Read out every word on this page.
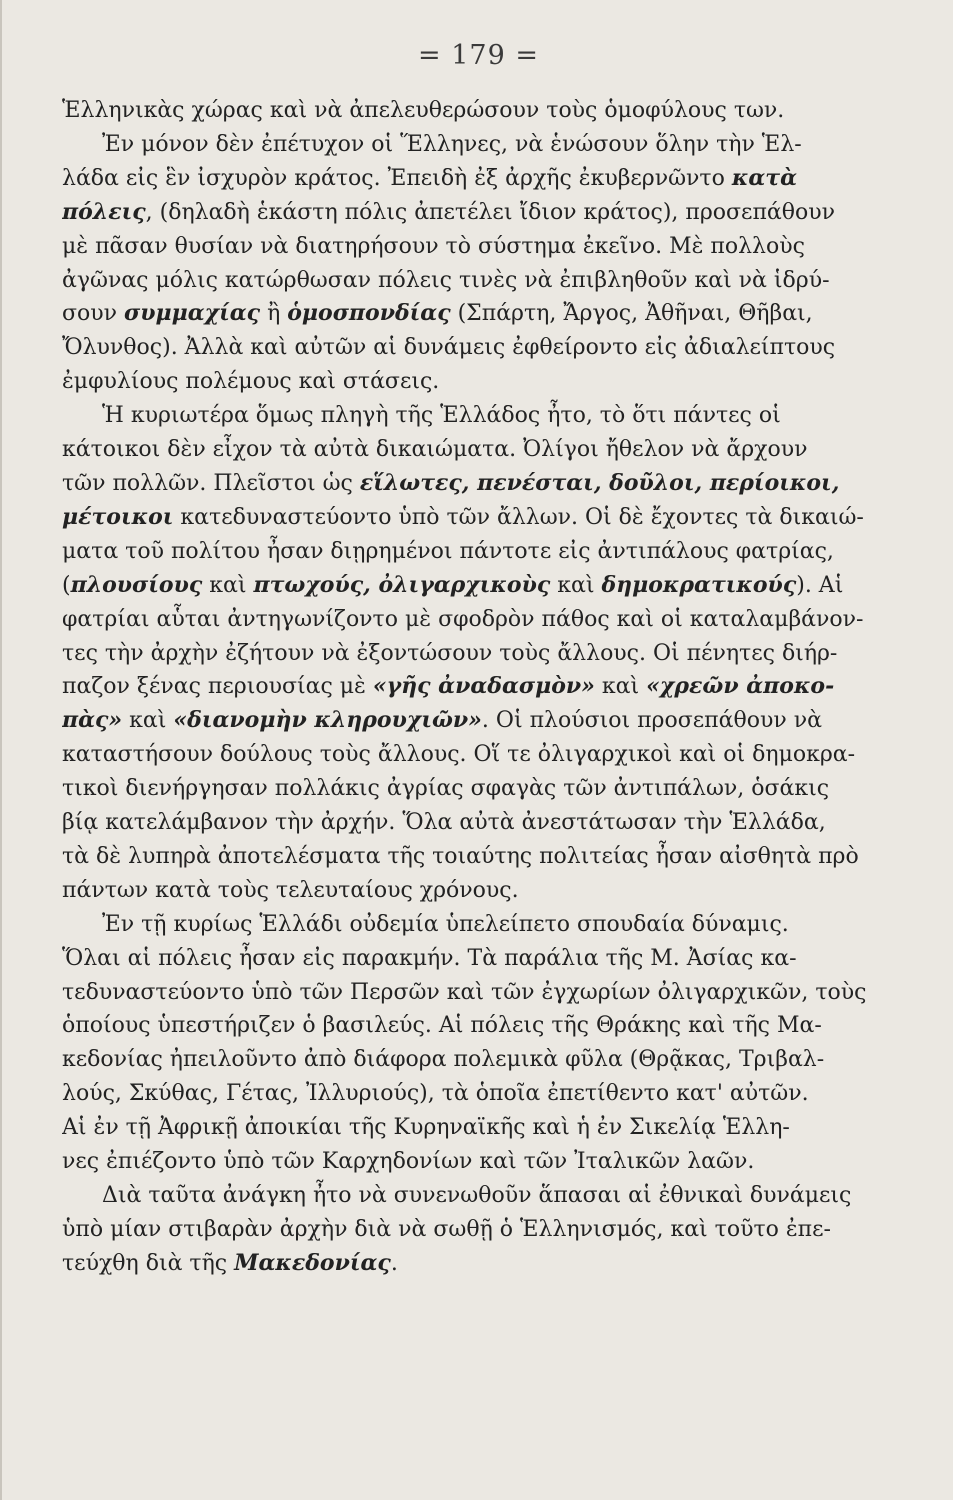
= 179 =
Ἑλληνικὰς χώρας καὶ νὰ ἀπελευθερώσουν τοὺς ὁμοφύλους των.
Ἐν μόνον δὲν ἐπέτυχον οἱ Ἕλληνες, νὰ ἑνώσουν ὅλην τὴν Ἑλ-
λάδα εἰς ἓν ἰσχυρὸν κράτος. Ἐπειδὴ ἐξ ἀρχῆς ἐκυβερνῶντο κατὰ
πόλεις, (δηλαδὴ ἑκάστη πόλις ἀπετέλει ἴδιον κράτος), προσεπάθουν
μὲ πᾶσαν θυσίαν νὰ διατηρήσουν τὸ σύστημα ἐκεῖνο. Μὲ πολλοὺς
ἀγῶνας μόλις κατώρθωσαν πόλεις τινὲς νὰ ἐπιβληθοῦν καὶ νὰ ἱδρύ-
σουν συμμαχίας ἢ ὁμοσπονδίας (Σπάρτη, Ἄργος, Ἀθῆναι, Θῆβαι,
Ὄλυνθος). Ἀλλὰ καὶ αὐτῶν αἱ δυνάμεις ἐφθείροντο εἰς ἀδιαλείπτους
ἐμφυλίους πολέμους καὶ στάσεις.
Ἡ κυριωτέρα ὅμως πληγὴ τῆς Ἑλλάδος ἦτο, τὸ ὅτι πάντες οἱ
κάτοικοι δὲν εἶχον τὰ αὐτὰ δικαιώματα. Ὀλίγοι ἤθελον νὰ ἄρχουν
τῶν πολλῶν. Πλεῖστοι ὡς εἵλωτες, πενέσται, δοῦλοι, περίοικοι,
μέτοικοι κατεδυναστεύοντο ὑπὸ τῶν ἄλλων. Οἱ δὲ ἔχοντες τὰ δικαιώ-
ματα τοῦ πολίτου ἦσαν διῃρημένοι πάντοτε εἰς ἀντιπάλους φατρίας,
(πλουσίους καὶ πτωχούς, ὀλιγαρχικοὺς καὶ δημοκρατικούς). Αἱ
φατρίαι αὗται ἀντηγωνίζοντο μὲ σφοδρὸν πάθος καὶ οἱ καταλαμβάνον-
τες τὴν ἀρχὴν ἐζήτουν νὰ ἐξοντώσουν τοὺς ἄλλους. Οἱ πένητες διήρ-
παζον ξένας περιουσίας μὲ «γῆς ἀναδασμὸν» καὶ «χρεῶν ἀποκο-
πὰς» καὶ «διανομὴν κληρουχιῶν». Οἱ πλούσιοι προσεπάθουν νὰ
καταστήσουν δούλους τοὺς ἄλλους. Οἵ τε ὀλιγαρχικοὶ καὶ οἱ δημοκρα-
τικοὶ διενήργησαν πολλάκις ἀγρίας σφαγὰς τῶν ἀντιπάλων, ὁσάκις
βίᾳ κατελάμβανον τὴν ἀρχήν. Ὅλα αὐτὰ ἀνεστάτωσαν τὴν Ἑλλάδα,
τὰ δὲ λυπηρὰ ἀποτελέσματα τῆς τοιαύτης πολιτείας ἦσαν αἰσθητὰ πρὸ
πάντων κατὰ τοὺς τελευταίους χρόνους.
Ἐν τῇ κυρίως Ἑλλάδι οὐδεμία ὑπελείπετο σπουδαία δύναμις.
Ὅλαι αἱ πόλεις ἦσαν εἰς παρακμήν. Τὰ παράλια τῆς Μ. Ἀσίας κα-
τεδυναστεύοντο ὑπὸ τῶν Περσῶν καὶ τῶν ἐγχωρίων ὀλιγαρχικῶν, τοὺς
ὁποίους ὑπεστήριζεν ὁ βασιλεύς. Αἱ πόλεις τῆς Θράκης καὶ τῆς Μα-
κεδονίας ἠπειλοῦντο ἀπὸ διάφορα πολεμικὰ φῦλα (Θρᾷκας, Τριβαλ-
λούς, Σκύθας, Γέτας, Ἰλλυριούς), τὰ ὁποῖα ἐπετίθεντο κατ' αὐτῶν.
Αἱ ἐν τῇ Ἀφρικῇ ἀποικίαι τῆς Κυρηναϊκῆς καὶ ἡ ἐν Σικελίᾳ Ἑλλη-
νες ἐπιέζοντο ὑπὸ τῶν Καρχηδονίων καὶ τῶν Ἰταλικῶν λαῶν.
Διὰ ταῦτα ἀνάγκη ἦτο νὰ συνενωθοῦν ἅπασαι αἱ ἐθνικαὶ δυνάμεις
ὑπὸ μίαν στιβαρὰν ἀρχὴν διὰ νὰ σωθῇ ὁ Ἑλληνισμός, καὶ τοῦτο ἐπε-
τεύχθη διὰ τῆς Μακεδονίας.
